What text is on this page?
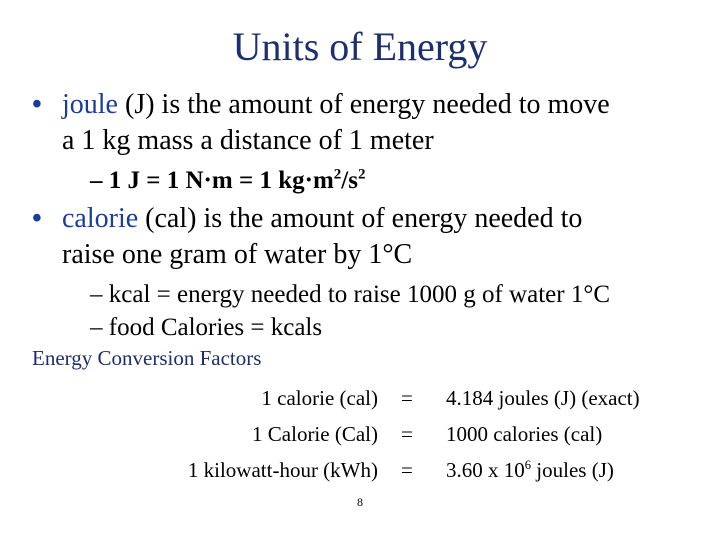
Units of Energy
• joule (J) is the amount of energy needed to move
a 1 kg mass a distance of 1 meter
– 1 J = 1 N·m = 1 $kg\cdot m^2/s^2$
• calorie (cal) is the amount of energy needed to
raise one gram of water by 1°C
– kcal = energy needed to raise 1000 g of water 1°C
– food Calories = kcals
Energy Conversion Factors
1 calorie (cal) = 4.184 joules (J) (exact)
1 Calorie (Cal) = 1000 calories (cal)
1 kilowatt-hour (kWh) = 3.60 x $10^6$ joules (J)
8
